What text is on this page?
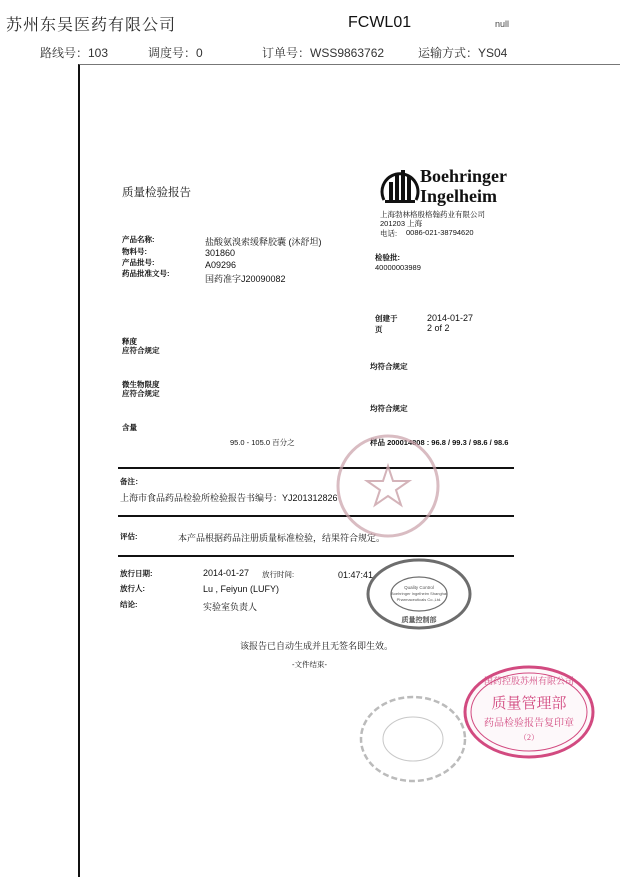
苏州东吴医药有限公司	FCWL01	null
路线号：103	调度号：0	订单号：WSS9863762	运输方式：YS04
Boehringer
Ingelheim
上海勃林格殷格翰药业有限公司
201203 上海
电话: 0086-021-38794620
质量检验报告
产品名称:	盐酸氨溴索缓释胶囊 (沐舒坦)
物料号:	301860
产品批号:	A09296
药品批准文号:
国药准字J20090082
检验批:
40000003989
创建于	2014-01-27
页	2 of 2
释度
应符合规定
均符合规定
微生物限度
应符合规定
均符合规定
含量
95.0 - 105.0 百分之	样品 200014808 : 96.8 / 99.3 / 98.6 / 98.6
备注：
上海市食品药品检验所检验报告书编号：YJ201312826
评估:	本产品根据药品注册质量标准检验，结果符合规定。
放行日期:	2014-01-27 放行时间:	01:47:41
放行人:	Lu , Feiyun (LUFY)
结论:	实验室负责人
该报告已自动生成并且无签名即生效。
-文件结束-
Quality Control
Boehringer Ingelheim Shanghai
Pharmaceuticals Co.,Ltd.
质量控制部
国药控股苏州有限公司
质量管理部
药品检验报告复印章
（2）
